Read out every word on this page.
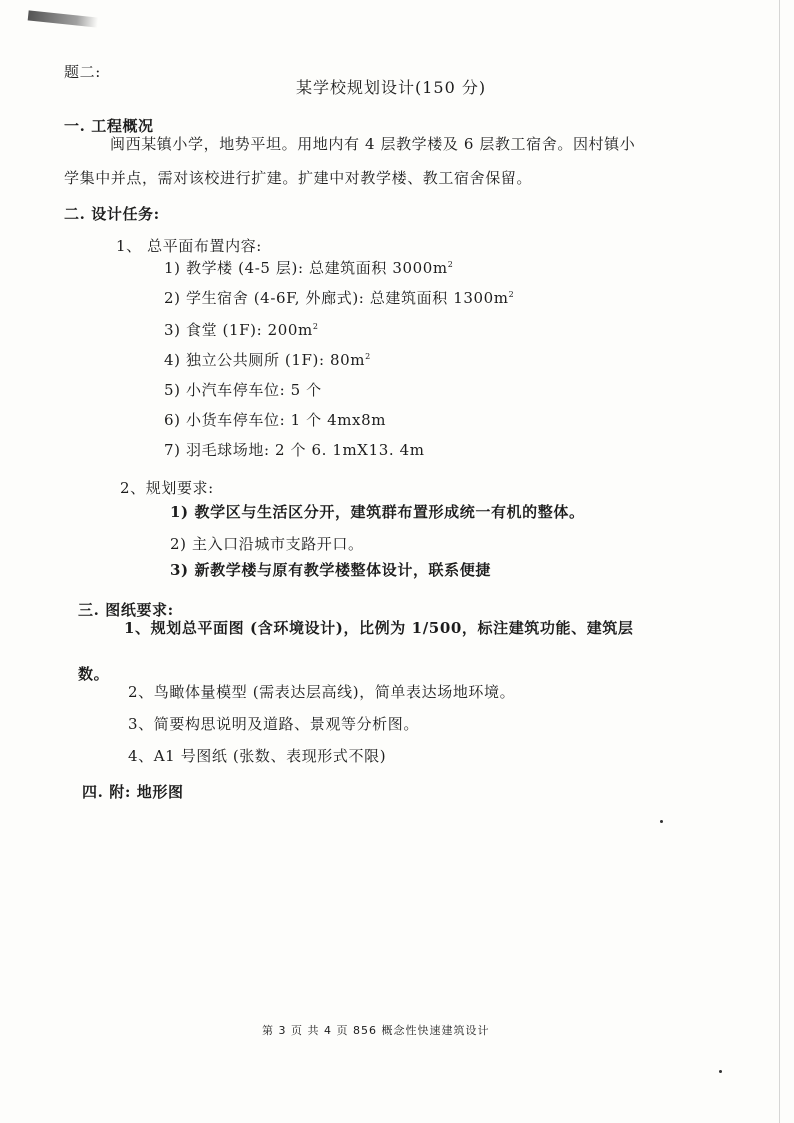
题二:
某学校规划设计(150 分)
一. 工程概况
闽西某镇小学，地势平坦。用地内有 4 层教学楼及 6 层教工宿舍。因村镇小
学集中并点，需对该校进行扩建。扩建中对教学楼、教工宿舍保留。
二. 设计任务:
1、 总平面布置内容:
1) 教学楼 (4-5 层): 总建筑面积 $3000m^2$
2) 学生宿舍 (4-6F, 外廊式): 总建筑面积 $1300m^2$
3) 食堂 (1F): $200m^2$
4) 独立公共厕所 (1F): $80m^2$
5) 小汽车停车位: 5 个
6) 小货车停车位: 1 个 4mx8m
7) 羽毛球场地: 2 个 6. 1mX13. 4m
2、规划要求:
1) 教学区与生活区分开，建筑群布置形成统一有机的整体。
2) 主入口沿城市支路开口。
3) 新教学楼与原有教学楼整体设计，联系便捷
三. 图纸要求:
1、规划总平面图 (含环境设计)，比例为 1/500，标注建筑功能、建筑层
数。
2、鸟瞰体量模型 (需表达层高线)，简单表达场地环境。
3、简要构思说明及道路、景观等分析图。
4、A1 号图纸 (张数、表现形式不限)
四. 附: 地形图
第 3 页 共 4 页 856 概念性快速建筑设计
